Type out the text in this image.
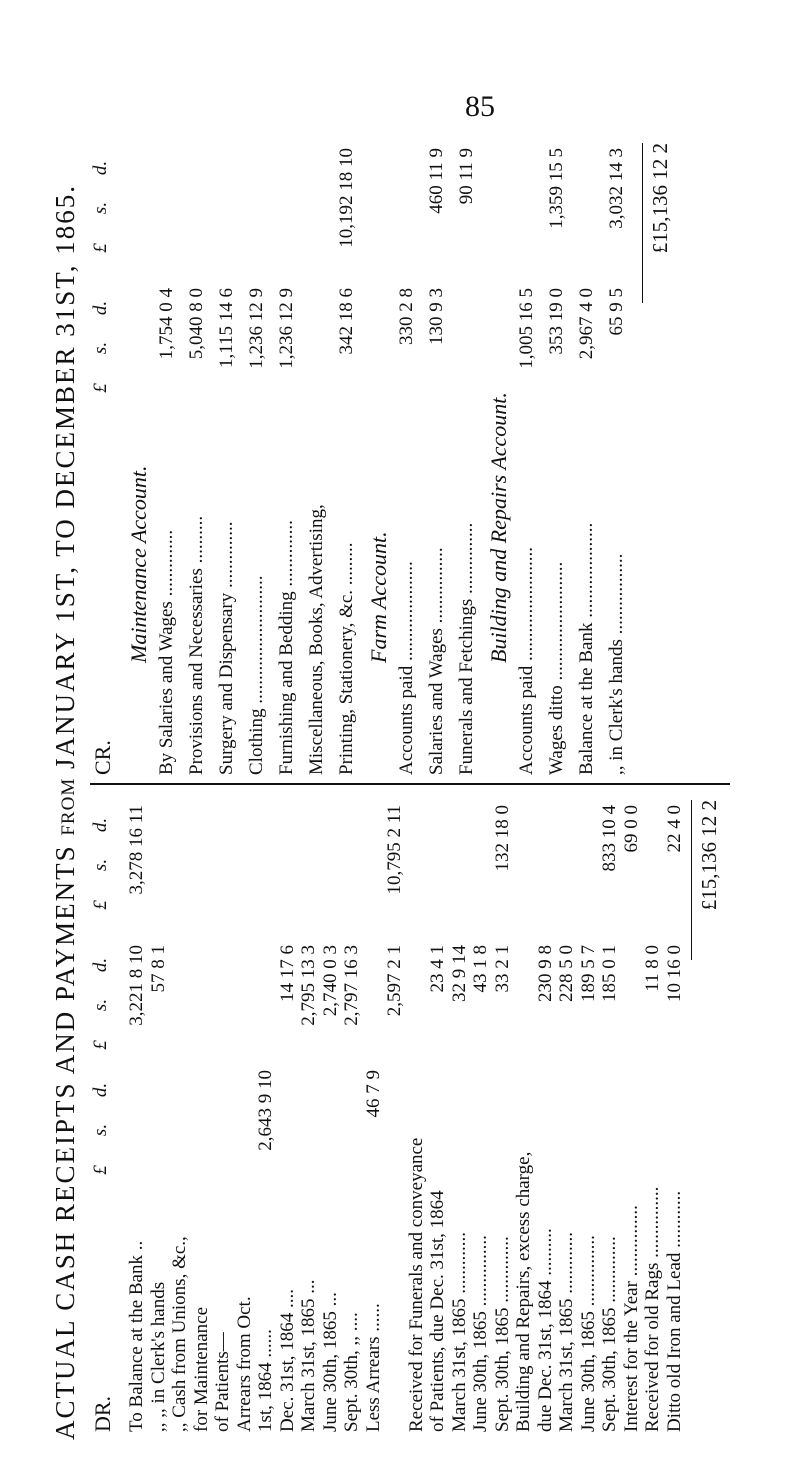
85
ACTUAL CASH RECEIPTS AND PAYMENTS FROM JANUARY 1ST, TO DECEMBER 31ST, 1865.
DR.
£
s.
d.
£
s.
d.
£
s.
d.
To Balance at the Bank ..
3,221 8 10
3,278 16 11
,, ,, in Clerk's hands
57 8 1
,, Cash from Unions, &c., for Maintenance of Patients— Arrears from Oct. 1st, 1864 ......
2,643 9 10
Dec. 31st, 1864 ....
14 17 6
March 31st, 1865 ...
2,795 13 3
June 30th, 1865 ...
2,740 0 3
Sept. 30th, ,, ....
2,797 16 3
Less Arrears ......
46 7 9
2,597 2 1
10,795 2 11
Received for Funerals and conveyance of Patients, due Dec. 31st, 1864
23 4 1
March 31st, 1865 .............
32 9 14
June 30th, 1865 ...............
43 1 8
Sept. 30th, 1865 ..............
33 2 1
132 18 0
Building and Repairs, excess charge, due Dec. 31st, 1864 ..........
230 9 8
March 31st, 1865 .............
228 5 0
June 30th, 1865 ...............
189 5 7
Sept. 30th, 1865 ..............
185 0 1
833 10 4
Interest for the Year ...............
69 0 0
Received for old Rags ...............
11 8 0
Ditto old Iron and Lead ............
10 16 0
22 4 0 £15,136 12 2
CR.
£
s.
d.
£
s.
d.
Maintenance Account. By Salaries and Wages ..............
1,754 0 4
Provisions and Necessaries ..........
5,040 8 0
Surgery and Dispensary ..............
1,115 14 6
Clothing ...........................
1,236 12 9
Furnishing and Bedding ..............
1,236 12 9
Miscellaneous, Books, Advertising, Printing, Stationery, &c. .........
342 18 6
10,192 18 10
Farm Account. Accounts paid .....................
330 2 8
Salaries and Wages ................
130 9 3
460 11 9
Funerals and Fetchings ...............
90 11 9
Building and Repairs Account. Accounts paid ........................
1,005 16 5
Wages ditto .........................
353 19 0
1,359 15 5
Balance at the Bank ....................
2,967 4 0
,, in Clerk's hands .................
65 9 5
3,032 14 3 £15,136 12 2
